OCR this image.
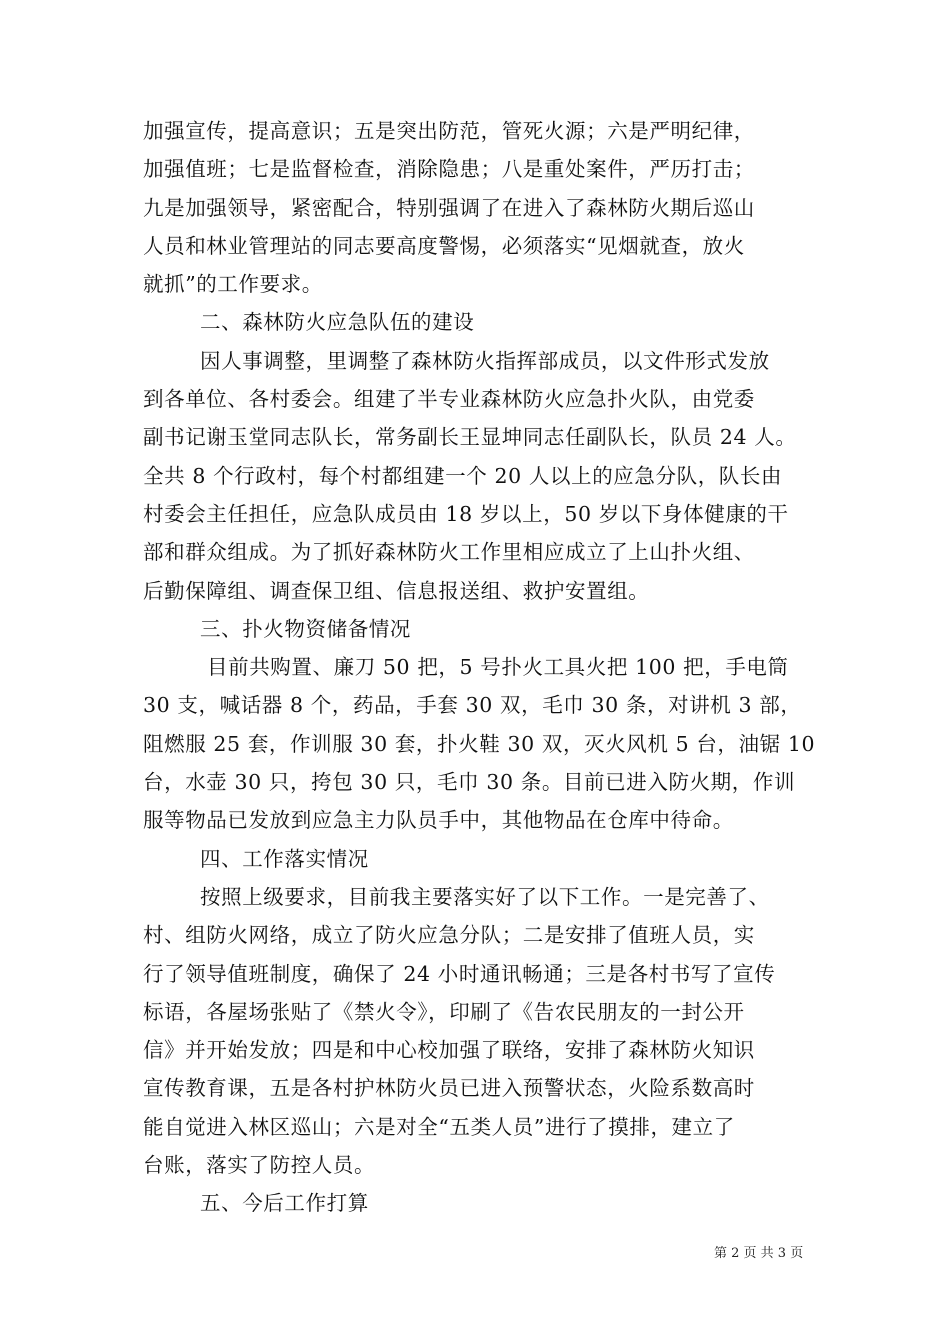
加强宣传，提高意识；五是突出防范，管死火源；六是严明纪律，
加强值班；七是监督检查，消除隐患；八是重处案件，严历打击；
九是加强领导，紧密配合，特别强调了在进入了森林防火期后巡山
人员和林业管理站的同志要高度警惕，必须落实“见烟就查，放火
就抓”的工作要求。
二、森林防火应急队伍的建设
因人事调整，里调整了森林防火指挥部成员，以文件形式发放
到各单位、各村委会。组建了半专业森林防火应急扑火队，由党委
副书记谢玉堂同志队长，常务副长王显坤同志任副队长，队员 24 人。
全共 8 个行政村，每个村都组建一个 20 人以上的应急分队，队长由
村委会主任担任，应急队成员由 18 岁以上，50 岁以下身体健康的干
部和群众组成。为了抓好森林防火工作里相应成立了上山扑火组、
后勤保障组、调查保卫组、信息报送组、救护安置组。
三、扑火物资储备情况
目前共购置、廉刀 50 把，5 号扑火工具火把 100 把，手电筒
30 支，喊话器 8 个，药品，手套 30 双，毛巾 30 条，对讲机 3 部，
阻燃服 25 套，作训服 30 套，扑火鞋 30 双，灭火风机 5 台，油锯 10
台，水壶 30 只，挎包 30 只，毛巾 30 条。目前已进入防火期，作训
服等物品已发放到应急主力队员手中，其他物品在仓库中待命。
四、工作落实情况
按照上级要求，目前我主要落实好了以下工作。一是完善了、
村、组防火网络，成立了防火应急分队；二是安排了值班人员，实
行了领导值班制度，确保了 24 小时通讯畅通；三是各村书写了宣传
标语，各屋场张贴了《禁火令》，印刷了《告农民朋友的一封公开
信》并开始发放；四是和中心校加强了联络，安排了森林防火知识
宣传教育课，五是各村护林防火员已进入预警状态，火险系数高时
能自觉进入林区巡山；六是对全“五类人员”进行了摸排，建立了
台账，落实了防控人员。
五、今后工作打算
第 2 页 共 3 页
